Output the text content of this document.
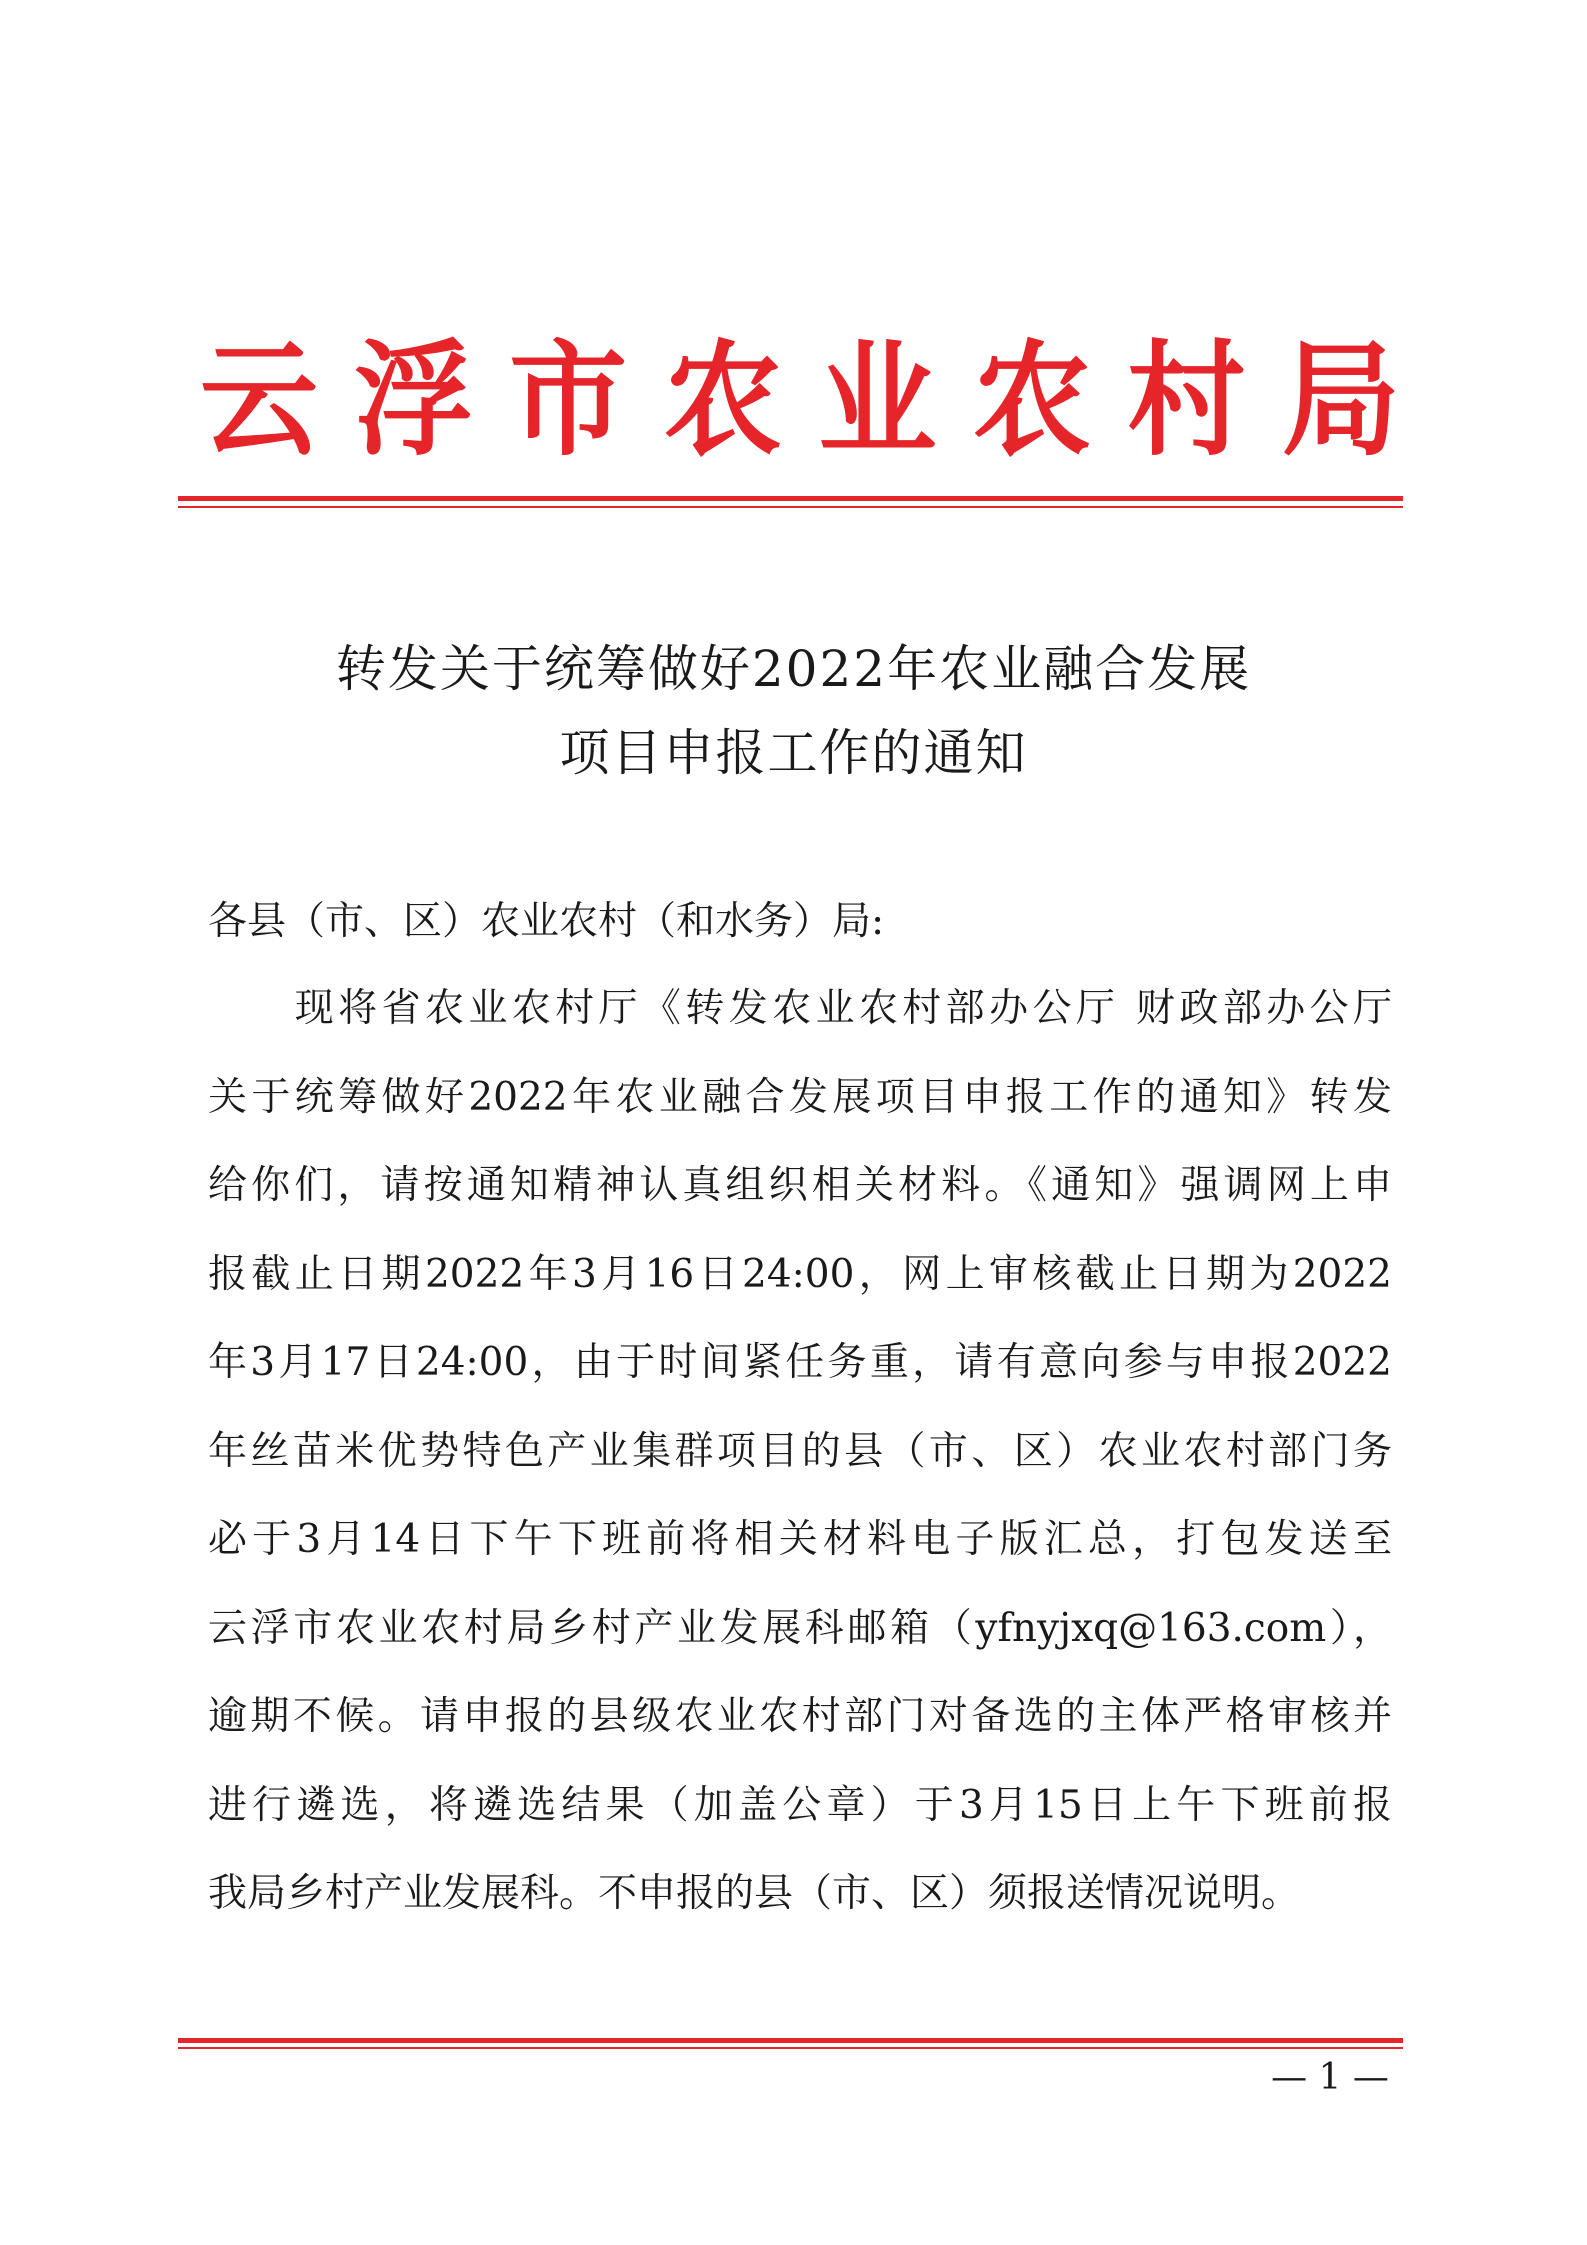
云 浮 市 农 业 农 村 局
转发关于统筹做好2022年农业融合发展
项目申报工作的通知

各县（市、区）农业农村（和水务）局:

　　现将省农业农村厅《转发农业农村部办公厅 财政部办公厅

关于统筹做好2022年农业融合发展项目申报工作的通知》转发

给你们，请按通知精神认真组织相关材料。《通知》强调网上申

报截止日期2022年3月16日24:00，网上审核截止日期为2022

年3月17日24:00，由于时间紧任务重，请有意向参与申报2022

年丝苗米优势特色产业集群项目的县（市、区）农业农村部门务

必于3月14日下午下班前将相关材料电子版汇总，打包发送至

云浮市农业农村局乡村产业发展科邮箱（yfnyjxq@163.com），

逾期不候。请申报的县级农业农村部门对备选的主体严格审核并

进行遴选，将遴选结果（加盖公章）于3月15日上午下班前报

我局乡村产业发展科。不申报的县（市、区）须报送情况说明。

— 1 —
